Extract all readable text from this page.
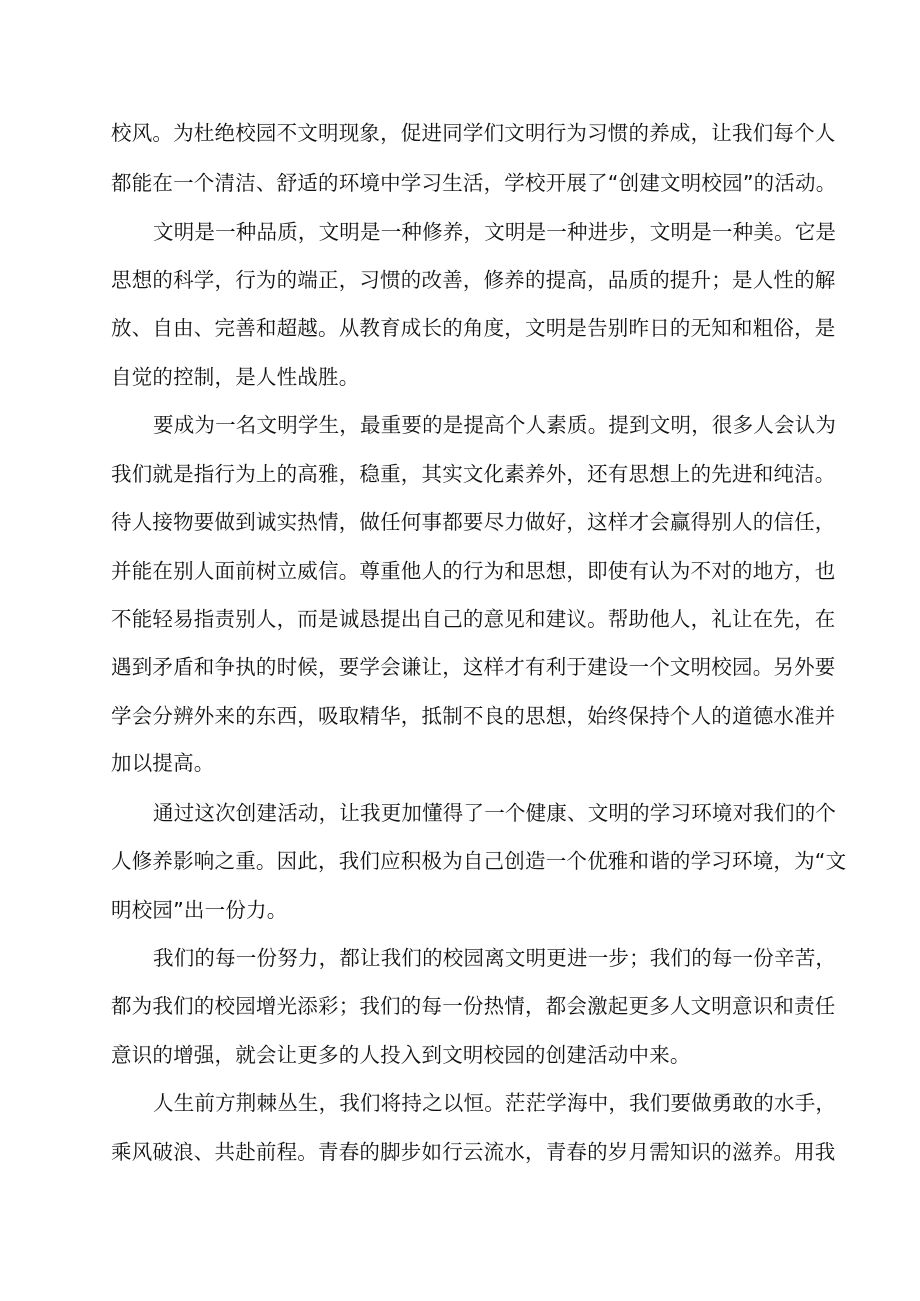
校风。为杜绝校园不文明现象，促进同学们文明行为习惯的养成，让我们每个人
都能在一个清洁、舒适的环境中学习生活，学校开展了“创建文明校园”的活动。
文明是一种品质，文明是一种修养，文明是一种进步，文明是一种美。它是
思想的科学，行为的端正，习惯的改善，修养的提高，品质的提升；是人性的解
放、自由、完善和超越。从教育成长的角度，文明是告别昨日的无知和粗俗，是
自觉的控制，是人性战胜。
要成为一名文明学生，最重要的是提高个人素质。提到文明，很多人会认为
我们就是指行为上的高雅，稳重，其实文化素养外，还有思想上的先进和纯洁。
待人接物要做到诚实热情，做任何事都要尽力做好，这样才会赢得别人的信任，
并能在别人面前树立威信。尊重他人的行为和思想，即使有认为不对的地方，也
不能轻易指责别人，而是诚恳提出自己的意见和建议。帮助他人，礼让在先，在
遇到矛盾和争执的时候，要学会谦让，这样才有利于建设一个文明校园。另外要
学会分辨外来的东西，吸取精华，抵制不良的思想，始终保持个人的道德水准并
加以提高。
通过这次创建活动，让我更加懂得了一个健康、文明的学习环境对我们的个
人修养影响之重。因此，我们应积极为自己创造一个优雅和谐的学习环境，为“文
明校园”出一份力。
我们的每一份努力，都让我们的校园离文明更进一步；我们的每一份辛苦，
都为我们的校园增光添彩；我们的每一份热情，都会激起更多人文明意识和责任
意识的增强，就会让更多的人投入到文明校园的创建活动中来。
人生前方荆棘丛生，我们将持之以恒。茫茫学海中，我们要做勇敢的水手，
乘风破浪、共赴前程。青春的脚步如行云流水，青春的岁月需知识的滋养。用我
